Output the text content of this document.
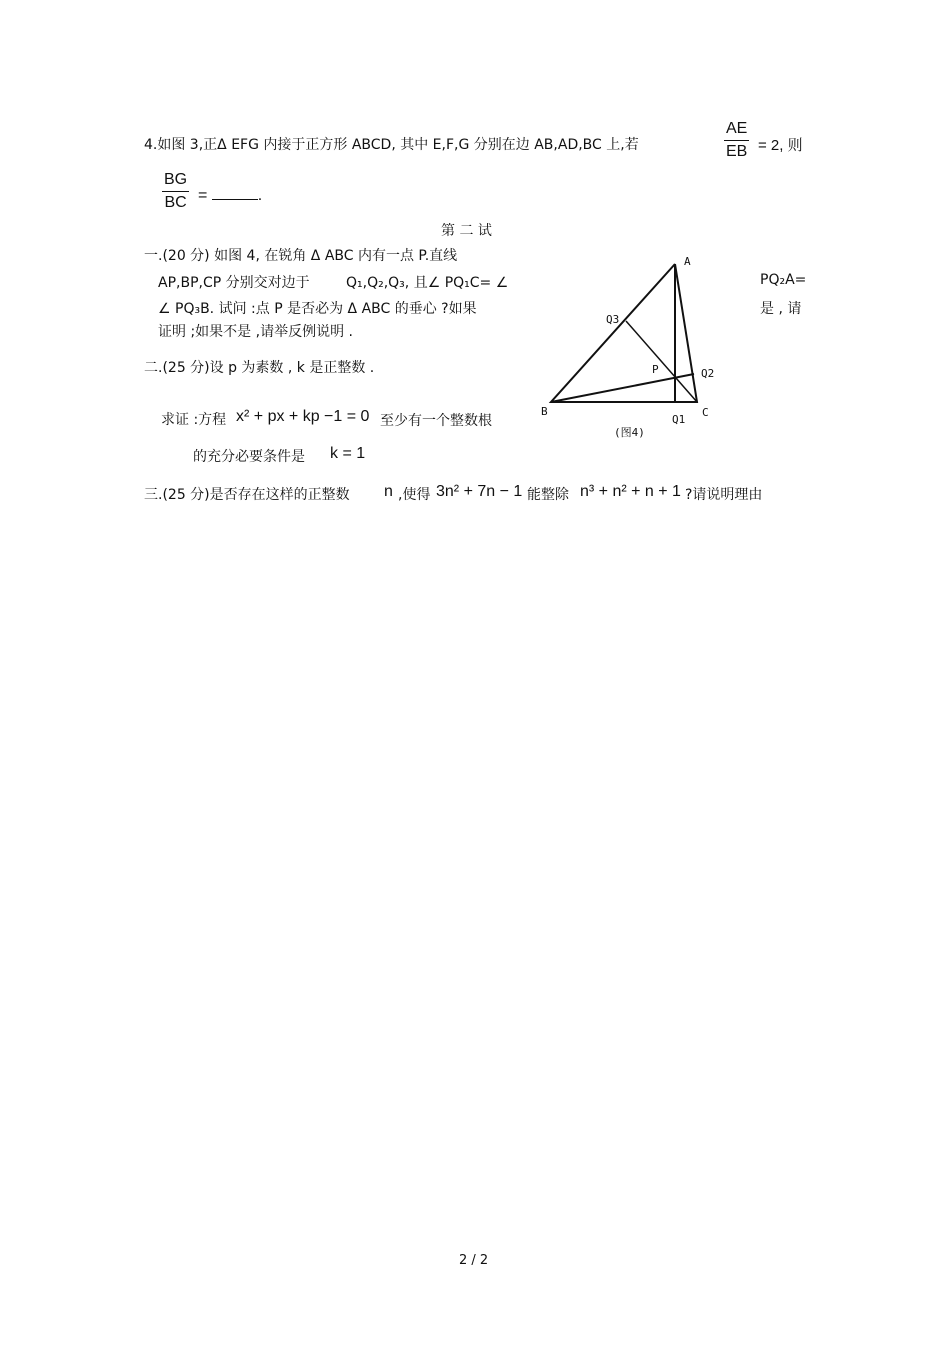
4.如图 3,正Δ EFG 内接于正方形 ABCD, 其中 E,F,G 分别在边 AB,AD,BC 上,若
AE
EB = 2, 则
BG
BC =	.
第 二 试
一.(20 分) 如图 4, 在锐角 Δ ABC 内有一点 P.直线
AP,BP,CP 分别交对边于	Q₁,Q₂,Q₃, 且∠ PQ₁C= ∠	PQ₂A=
∠ PQ₃B. 试问 :点 P 是否必为 Δ ABC 的垂心 ?如果	是 , 请
证明 ;如果不是 ,请举反例说明 .
二.(25 分)设 p 为素数 , k 是正整数 .
求证 :方程 x² + px + kp −1 = 0 至少有一个整数根
的充分必要条件是 k = 1
三.(25 分)是否存在这样的正整数 n ,使得 3n² + 7n − 1 能整除 n³ + n² + n + 1 ?请说明理由
A
B	C
P
Q1
Q2
Q3
(图4)
2 / 2
